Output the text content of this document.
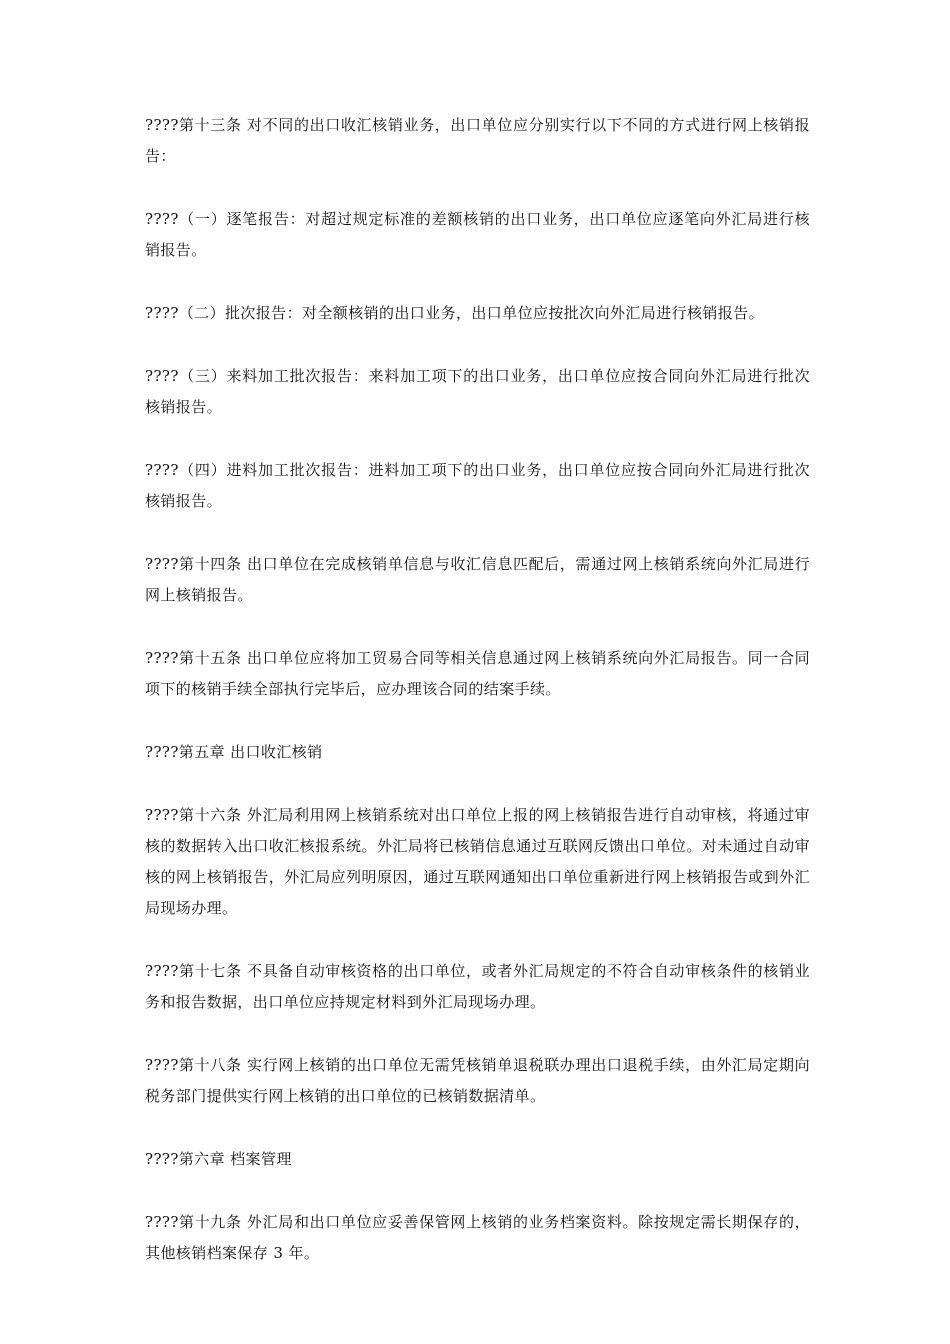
????第十三条 对不同的出口收汇核销业务，出口单位应分别实行以下不同的方式进行网上核销报告：

????（一）逐笔报告：对超过规定标准的差额核销的出口业务，出口单位应逐笔向外汇局进行核销报告。

????（二）批次报告：对全额核销的出口业务，出口单位应按批次向外汇局进行核销报告。

????（三）来料加工批次报告：来料加工项下的出口业务，出口单位应按合同向外汇局进行批次核销报告。

????（四）进料加工批次报告：进料加工项下的出口业务，出口单位应按合同向外汇局进行批次核销报告。

????第十四条 出口单位在完成核销单信息与收汇信息匹配后，需通过网上核销系统向外汇局进行网上核销报告。

????第十五条 出口单位应将加工贸易合同等相关信息通过网上核销系统向外汇局报告。同一合同项下的核销手续全部执行完毕后，应办理该合同的结案手续。

????第五章 出口收汇核销

????第十六条 外汇局利用网上核销系统对出口单位上报的网上核销报告进行自动审核，将通过审核的数据转入出口收汇核报系统。外汇局将已核销信息通过互联网反馈出口单位。对未通过自动审核的网上核销报告，外汇局应列明原因，通过互联网通知出口单位重新进行网上核销报告或到外汇局现场办理。

????第十七条 不具备自动审核资格的出口单位，或者外汇局规定的不符合自动审核条件的核销业务和报告数据，出口单位应持规定材料到外汇局现场办理。

????第十八条 实行网上核销的出口单位无需凭核销单退税联办理出口退税手续，由外汇局定期向税务部门提供实行网上核销的出口单位的已核销数据清单。

????第六章 档案管理

????第十九条 外汇局和出口单位应妥善保管网上核销的业务档案资料。除按规定需长期保存的，其他核销档案保存 3 年。
